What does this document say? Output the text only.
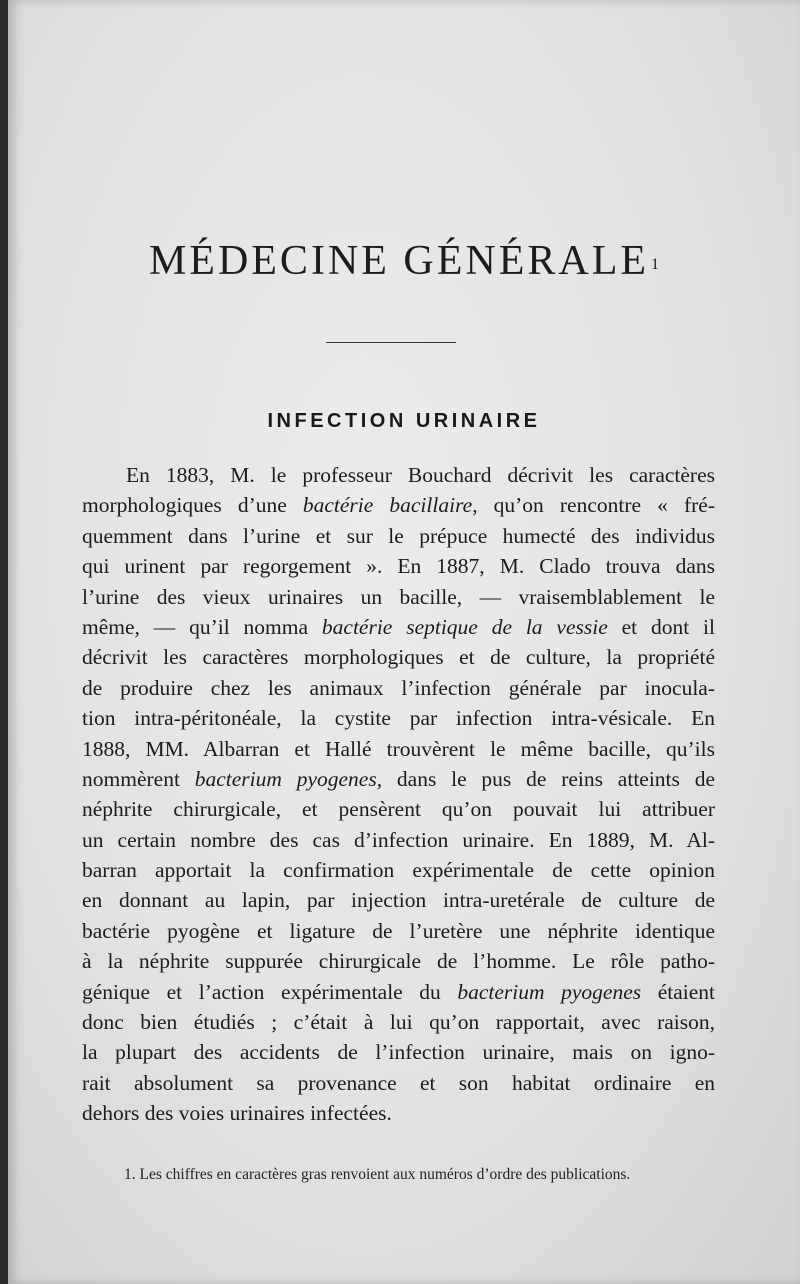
MÉDECINE GÉNÉRALE $^1$
INFECTION URINAIRE
En 1883, M. le professeur Bouchard décrivit les caractères
morphologiques d’une bactérie bacillaire, qu’on rencontre « fré-
quemment dans l’urine et sur le prépuce humecté des individus
qui urinent par regorgement ». En 1887, M. Clado trouva dans
l’urine des vieux urinaires un bacille, — vraisemblablement le
même, — qu’il nomma bactérie septique de la vessie et dont il
décrivit les caractères morphologiques et de culture, la propriété
de produire chez les animaux l’infection générale par inocula-
tion intra-péritonéale, la cystite par infection intra-vésicale. En
1888, MM. Albarran et Hallé trouvèrent le même bacille, qu’ils
nommèrent bacterium pyogenes, dans le pus de reins atteints de
néphrite chirurgicale, et pensèrent qu’on pouvait lui attribuer
un certain nombre des cas d’infection urinaire. En 1889, M. Al-
barran apportait la confirmation expérimentale de cette opinion
en donnant au lapin, par injection intra-uretérale de culture de
bactérie pyogène et ligature de l’uretère une néphrite identique
à la néphrite suppurée chirurgicale de l’homme. Le rôle patho-
génique et l’action expérimentale du bacterium pyogenes étaient
donc bien étudiés ; c’était à lui qu’on rapportait, avec raison,
la plupart des accidents de l’infection urinaire, mais on igno-
rait absolument sa provenance et son habitat ordinaire en
dehors des voies urinaires infectées.

1. Les chiffres en caractères gras renvoient aux numéros d’ordre des publications.
